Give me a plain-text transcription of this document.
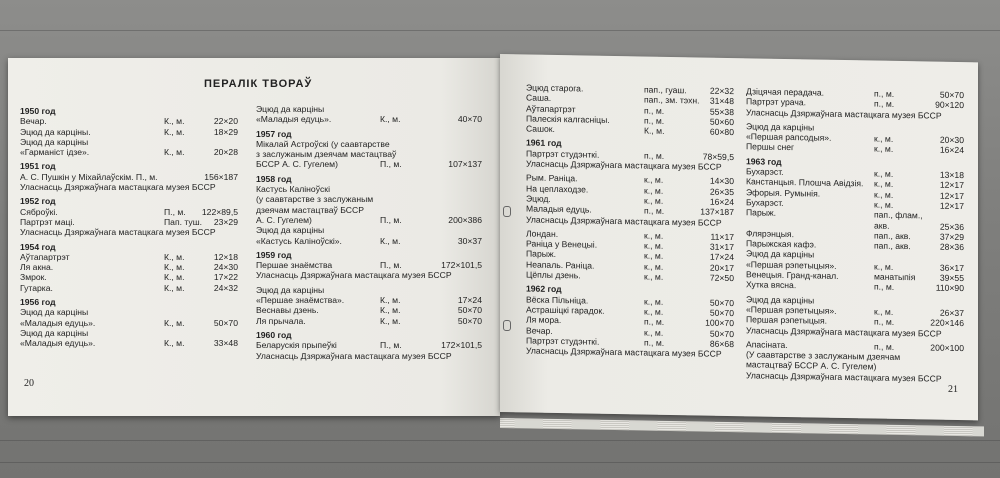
ПЕРАЛІК ТВОРАЎ
1950 год
Вечар.	К., м.	22×20
Эцюд да карціны.	К., м.	18×29
Эцюд да карціны
«Гарманіст ідзе».	К., м.	20×28
1951 год
А. С. Пушкін у Міхайлаўскім. П., м.	156×187
Уласнасць Дзяржаўнага мастацкага музея БССР
1952 год
Сяброўкі.	П., м. 122×89,5
Партрэт маці.	Пап. туш. 23×29
Уласнасць Дзяржаўнага мастацкага музея БССР
1954 год
Аўтапартрэт	К., м.	12×18
Ля акна.	К., м.	24×30
Змрок.	К., м.	17×22
Гутарка.	К., м.	24×32
1956 год
Эцюд да карціны
«Маладыя едуць».	К., м.	50×70
Эцюд да карціны
«Маладыя едуць».	К., м.	33×48
Эцюд да карціны
«Маладыя едуць».	К., м.	40×70
1957 год
Мікалай Астроўскі (у саавтарстве
з заслужаным дзеячам мастацтваў
БССР А. С. Гугелем)	П., м.	107×137
1958 год
Кастусь Каліноўскі
(у саавтарстве з заслужаным
дзеячам мастацтваў БССР
А. С. Гугелем)	П., м.	200×386
Эцюд да карціны
«Кастусь Каліноўскі».	К., м.	30×37
1959 год
Першае знаёмства	П., м.	172×101,5
Уласнасць Дзяржаўнага мастацкага музея БССР
Эцюд да карціны
«Першае знаёмства».	К., м.	17×24
Веснавы дзень.	К., м.	50×70
Ля прычала.	К., м.	50×70
1960 год
Беларускія прыпеўкі	П., м.	172×101,5
Уласнасць Дзяржаўнага мастацкага музея БССР
20
Эцюд старога.	пап., гуаш.	22×32
Саша.	пап., зм. тэхн. 31×48
Аўтапартрэт	п., м.	55×38
Палескія калгасніцы.	п., м.	50×60
Сашок.	К., м.	60×80
1961 год
Партрэт студэнткі.	п., м.	78×59,5
Уласнасць Дзяржаўнага мастацкага музея БССР
Рым. Раніца.	к., м.	14×30
На цеплаходзе.	к., м.	26×35
Эцюд.	к., м.	16×24
Маладыя едуць.	п., м.	137×187
Уласнасць Дзяржаўнага мастацкага музея БССР
Лондан.	к., м.	11×17
Раніца у Венецыі.	к., м.	31×17
Парыж.	к., м.	17×24
Неапаль. Раніца.	к., м.	20×17
Цёплы дзень.	к., м.	72×50
1962 год
Вёска Пільніца.	к., м.	50×70
Астрашіцкі гарадок.	к., м.	50×70
Ля мора.	п., м.	100×70
Вечар.	к., м.	50×70
Партрэт студэнткі.	п., м.	86×68
Уласнасць Дзяржаўнага мастацкага музея БССР
Дзіцячая перадача.	п., м.	50×70
Партрэт урача.	п., м.	90×120
Уласнасць Дзяржаўнага мастацкага музея БССР
Эцюд да карціны
«Першая рапсодыя».	к., м.	20×30
Першы снег	к., м.	16×24
1963 год
Бухарэст.	к., м.	13×18
Канстанцыя. Плошча Авідзія. к., м.	12×17
Эфорыя. Румынія.	к., м.	12×17
Бухарэст.	к., м.	12×17
Парыж.	пап., флам.,
акв.	25×36
Флярэнцыя.	пап., акв.	37×29
Парыжская кафэ.	пап., акв.	28×36
Эцюд да карціны
«Першая рэпетыцыя».	к., м.	36×17
Венецыя. Гранд-канал.	манатыпія	39×55
Хутка вясна.	п., м.	110×90
Эцюд да карціны
«Першая рэпетыцыя».	к., м.	26×37
Першая рэпетыцыя.	п., м.	220×146
Уласнасць Дзяржаўнага мастацкага музея БССР
Апасіната.	п., м.	200×100
(У саавтарстве з заслужаным дзеячам
мастацтваў БССР А. С. Гугелем)
Уласнасць Дзяржаўнага мастацкага музея БССР
21
